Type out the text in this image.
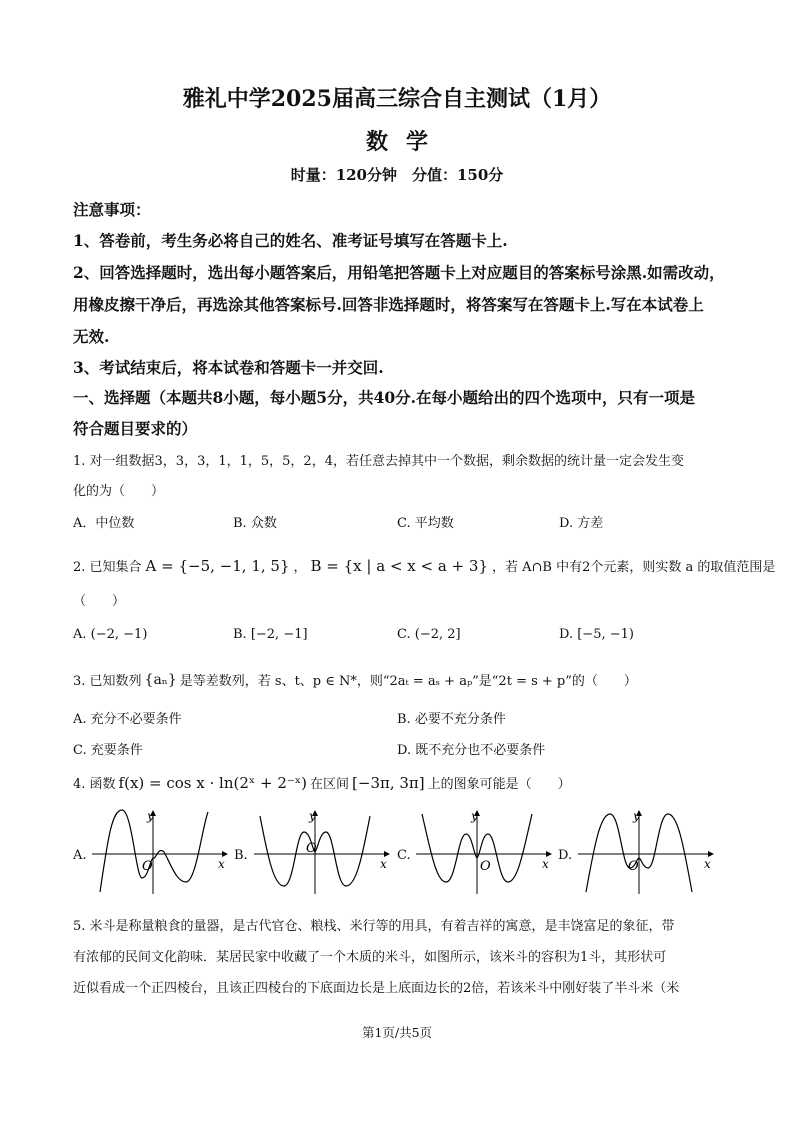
雅礼中学2025届高三综合自主测试（1月）
数学
时量：120分钟　分值：150分
注意事项：
1、答卷前，考生务必将自己的姓名、准考证号填写在答题卡上.
2、回答选择题时，选出每小题答案后，用铅笔把答题卡上对应题目的答案标号涂黑.如需改动，
用橡皮擦干净后，再选涂其他答案标号.回答非选择题时，将答案写在答题卡上.写在本试卷上
无效.
3、考试结束后，将本试卷和答题卡一并交回.
一、选择题（本题共8小题，每小题5分，共40分.在每小题给出的四个选项中，只有一项是
符合题目要求的）
1. 对一组数据3，3，3，1，1，5，5，2，4，若任意去掉其中一个数据，剩余数据的统计量一定会发生变
化的为（　　）
A．中位数	B. 众数	C. 平均数	D. 方差
2. 已知集合 A = {−5, −1, 1, 5} ， B = {x | a < x < a + 3} ，若 A∩B 中有2个元素，则实数 a 的取值范围是
（　　）
A. (−2, −1)	B. [−2, −1]	C. (−2, 2]	D. [−5, −1)
3. 已知数列 {aₙ} 是等差数列，若 s、t、p ∈ N*，则“2aₜ = aₛ + aₚ”是“2t = s + p”的（　　）
A. 充分不必要条件	B. 必要不充分条件
C. 充要条件	D. 既不充分也不必要条件
4. 函数 f(x) = cos x · ln(2ˣ + 2⁻ˣ) 在区间 [−3π, 3π] 上的图象可能是（　　）
A.	B.	C.	D.
y
x
O
y
x
O
y
x
O
y
x
O
5. 米斗是称量粮食的量器，是古代官仓、粮栈、米行等的用具，有着吉祥的寓意，是丰饶富足的象征，带
有浓郁的民间文化韵味．某居民家中收藏了一个木质的米斗，如图所示，该米斗的容积为1斗，其形状可
近似看成一个正四棱台，且该正四棱台的下底面边长是上底面边长的2倍，若该米斗中刚好装了半斗米（米
第1页/共5页
